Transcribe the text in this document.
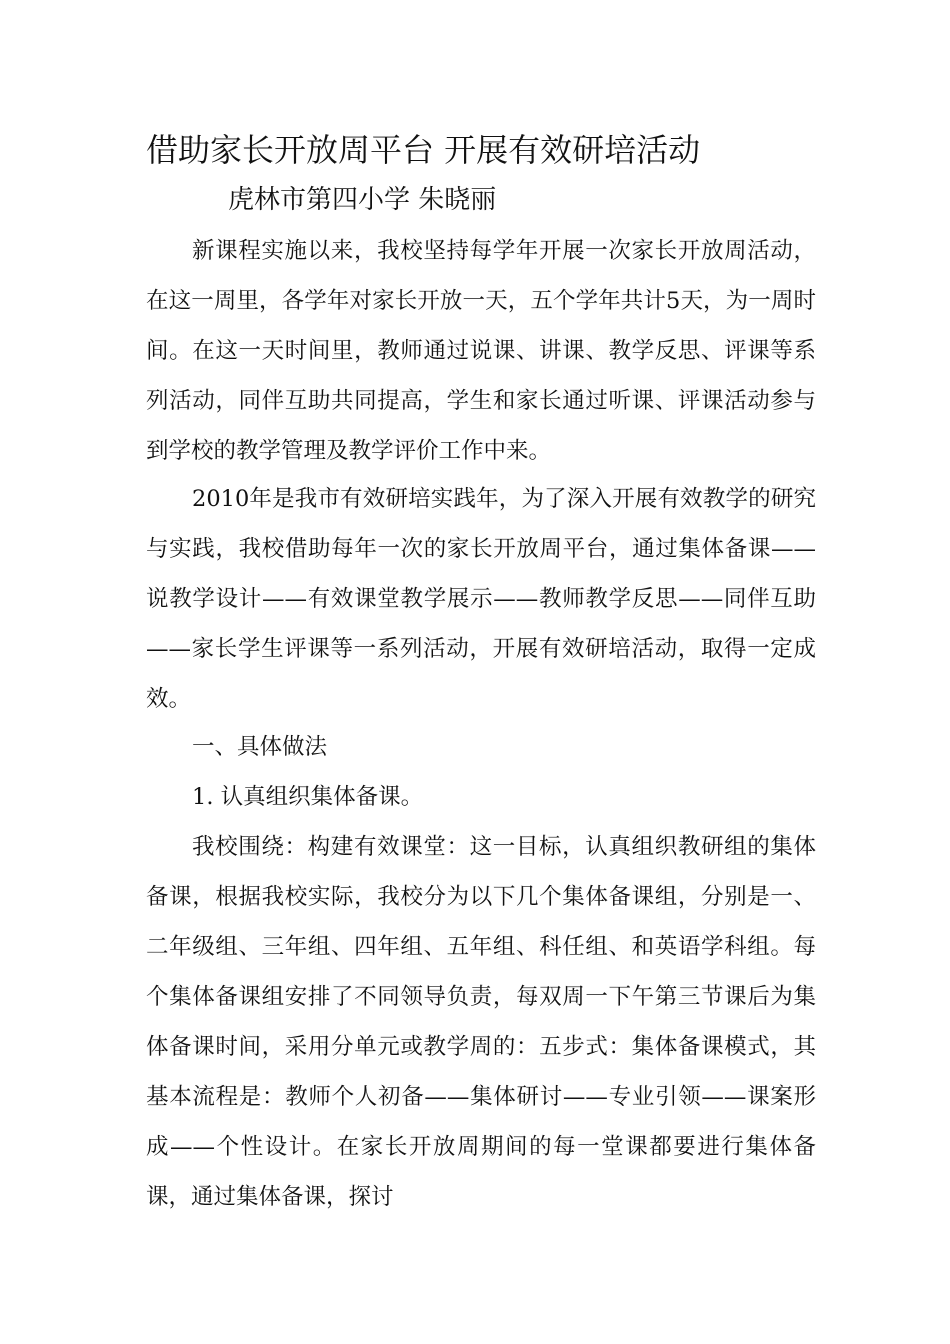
借助家长开放周平台 开展有效研培活动
虎林市第四小学 朱晓丽

新课程实施以来，我校坚持每学年开展一次家长开放周活动，在这一周里，各学年对家长开放一天，五个学年共计5天，为一周时间。在这一天时间里，教师通过说课、讲课、教学反思、评课等系列活动，同伴互助共同提高，学生和家长通过听课、评课活动参与到学校的教学管理及教学评价工作中来。

2010年是我市有效研培实践年，为了深入开展有效教学的研究与实践，我校借助每年一次的家长开放周平台，通过集体备课——说教学设计——有效课堂教学展示——教师教学反思——同伴互助——家长学生评课等一系列活动，开展有效研培活动，取得一定成效。

一、具体做法

1. 认真组织集体备课。

我校围绕：构建有效课堂：这一目标，认真组织教研组的集体备课，根据我校实际，我校分为以下几个集体备课组，分别是一、二年级组、三年组、四年组、五年组、科任组、和英语学科组。每个集体备课组安排了不同领导负责，每双周一下午第三节课后为集体备课时间，采用分单元或教学周的：五步式：集体备课模式，其基本流程是：教师个人初备——集体研讨——专业引领——课案形成——个性设计。在家长开放周期间的每一堂课都要进行集体备课，通过集体备课，探讨
